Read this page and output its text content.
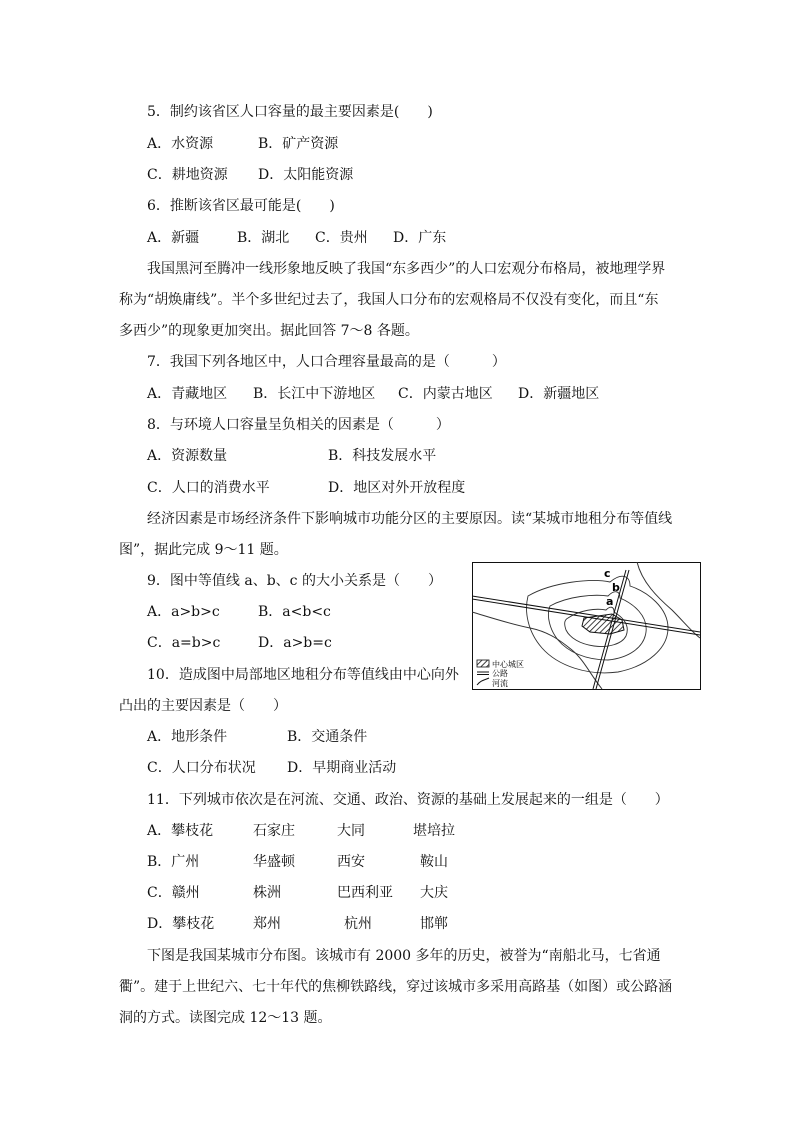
5．制约该省区人口容量的最主要因素是(　　)
A．水资源	B．矿产资源
C．耕地资源 D．太阳能资源
6．推断该省区最可能是(　　)
A．新疆	B．湖北 C．贵州 D．广东
我国黑河至腾冲一线形象地反映了我国“东多西少”的人口宏观分布格局，被地理学界
称为“胡焕庸线”。半个多世纪过去了，我国人口分布的宏观格局不仅没有变化，而且“东
多西少”的现象更加突出。据此回答 7～8 各题。
7．我国下列各地区中，人口合理容量最高的是（　　　）
A．青藏地区 B．长江中下游地区 C．内蒙古地区 D．新疆地区
8．与环境人口容量呈负相关的因素是（　　　）
A．资源数量	B．科技发展水平
C．人口的消费水平	D．地区对外开放程度
经济因素是市场经济条件下影响城市功能分区的主要原因。读“某城市地租分布等值线
图”，据此完成 9～11 题。
9．图中等值线 a、b、c 的大小关系是（　　）
A．a>b>c	B．a<b<c
C．a=b>c	D．a>b=c
10．造成图中局部地区地租分布等值线由中心向外
凸出的主要因素是（　　）
A．地形条件	B．交通条件
C．人口分布状况 D．早期商业活动
11．下列城市依次是在河流、交通、政治、资源的基础上发展起来的一组是（　　）
A．攀枝花	石家庄	大同	堪培拉
B．广州	华盛顿	西安	鞍山
C．赣州	株洲	巴西利亚 大庆
D．攀枝花	郑州	杭州	邯郸
下图是我国某城市分布图。该城市有 2000 多年的历史，被誉为“南船北马，七省通
衢”。建于上世纪六、七十年代的焦柳铁路线，穿过该城市多采用高路基（如图）或公路涵
洞的方式。读图完成 12～13 题。
c
b
a
中心城区
公路
河流
